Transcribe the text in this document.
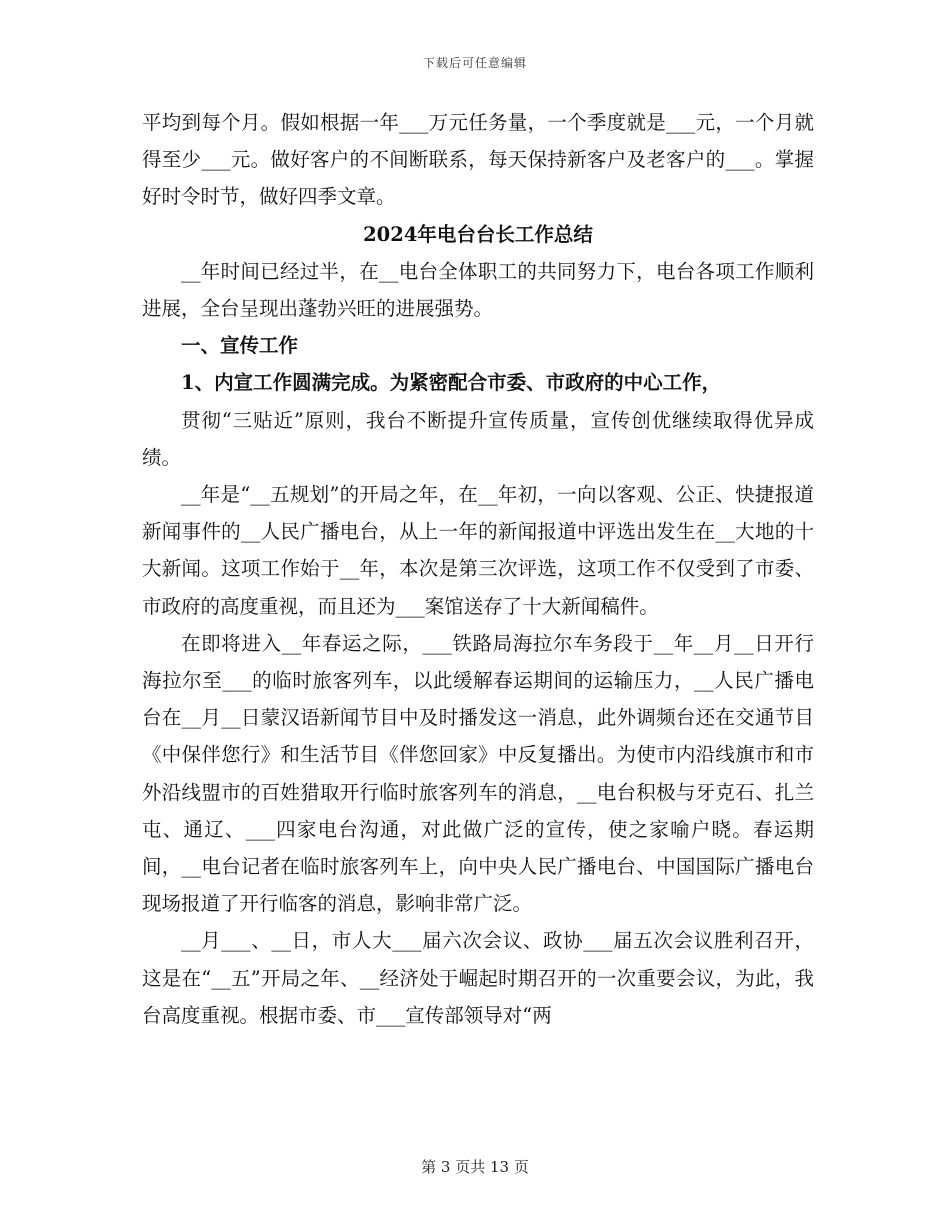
下载后可任意编辑

平均到每个月。假如根据一年___万元任务量，一个季度就是___元，一个月就得至少___元。做好客户的不间断联系，每天保持新客户及老客户的___。掌握好时令时节，做好四季文章。

2024年电台台长工作总结

__年时间已经过半，在__电台全体职工的共同努力下，电台各项工作顺利进展，全台呈现出蓬勃兴旺的进展强势。

一、宣传工作

1、内宣工作圆满完成。为紧密配合市委、市政府的中心工作，

贯彻“三贴近”原则，我台不断提升宣传质量，宣传创优继续取得优异成绩。

__年是“__五规划”的开局之年，在__年初，一向以客观、公正、快捷报道新闻事件的__人民广播电台，从上一年的新闻报道中评选出发生在__大地的十大新闻。这项工作始于__年，本次是第三次评选，这项工作不仅受到了市委、市政府的高度重视，而且还为___案馆送存了十大新闻稿件。

在即将进入__年春运之际，___铁路局海拉尔车务段于__年__月__日开行海拉尔至___的临时旅客列车，以此缓解春运期间的运输压力，__人民广播电台在__月__日蒙汉语新闻节目中及时播发这一消息，此外调频台还在交通节目《中保伴您行》和生活节目《伴您回家》中反复播出。为使市内沿线旗市和市外沿线盟市的百姓猎取开行临时旅客列车的消息，__电台积极与牙克石、扎兰屯、通辽、___四家电台沟通，对此做广泛的宣传，使之家喻户晓。春运期间，__电台记者在临时旅客列车上，向中央人民广播电台、中国国际广播电台现场报道了开行临客的消息，影响非常广泛。

__月___、__日，市人大___届六次会议、政协___届五次会议胜利召开，这是在“__五”开局之年、__经济处于崛起时期召开的一次重要会议，为此，我台高度重视。根据市委、市___宣传部领导对“两

第 3 页共 13 页
